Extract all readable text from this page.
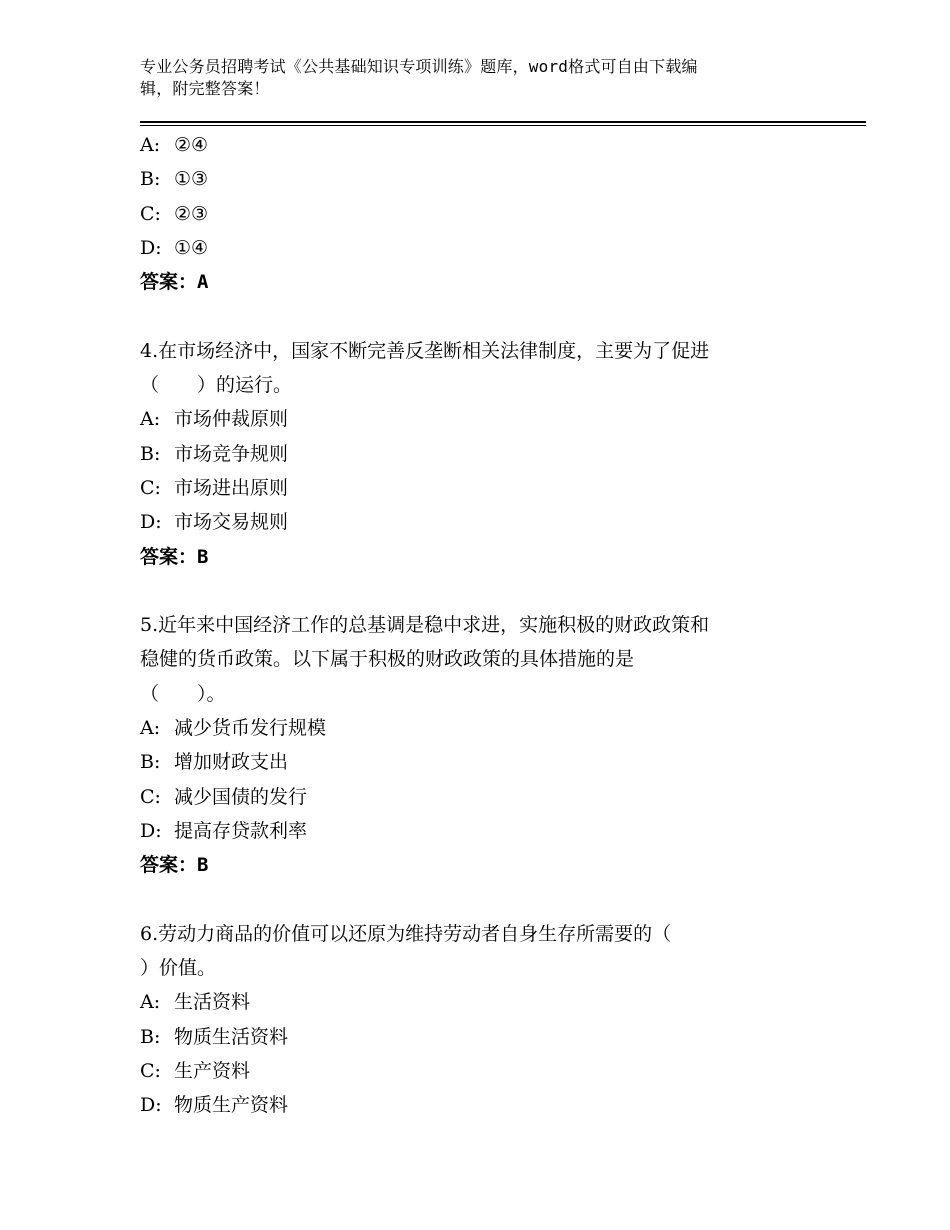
专业公务员招聘考试《公共基础知识专项训练》题库，word格式可自由下载编
辑，附完整答案！
A: ②④
B: ①③
C: ②③
D: ①④
答案：A
4.在市场经济中，国家不断完善反垄断相关法律制度，主要为了促进
（　　）的运行。
A: 市场仲裁原则
B: 市场竞争规则
C: 市场进出原则
D: 市场交易规则
答案：B
5.近年来中国经济工作的总基调是稳中求进，实施积极的财政政策和
稳健的货币政策。以下属于积极的财政政策的具体措施的是
（　　）。
A: 减少货币发行规模
B: 增加财政支出
C: 减少国债的发行
D: 提高存贷款利率
答案：B
6.劳动力商品的价值可以还原为维持劳动者自身生存所需要的（
）价值。
A: 生活资料
B: 物质生活资料
C: 生产资料
D: 物质生产资料
